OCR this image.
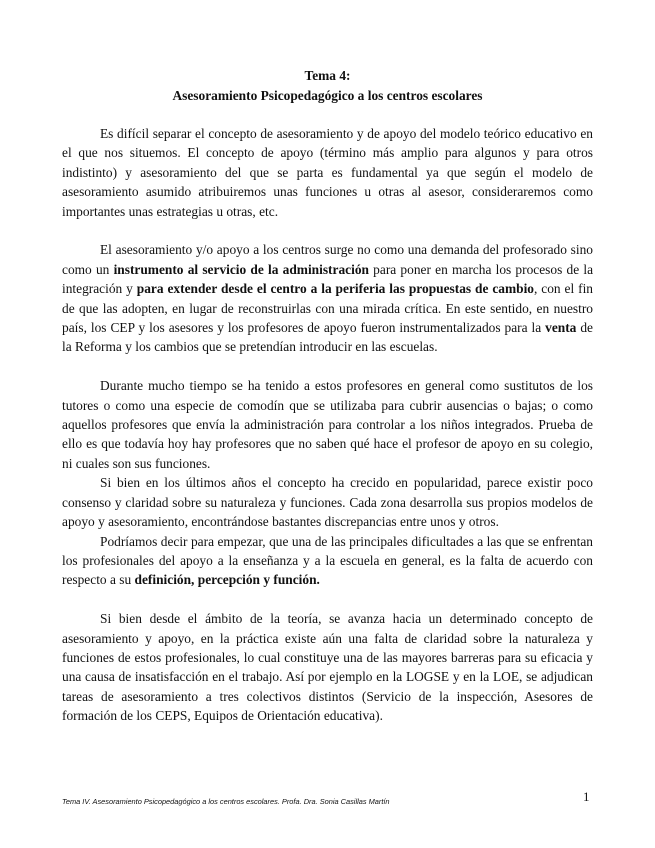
Tema 4:
Asesoramiento Psicopedagógico a los centros escolares

Es difícil separar el concepto de asesoramiento y de apoyo del modelo teórico educativo en el que nos situemos. El concepto de apoyo (término más amplio para algunos y para otros indistinto) y asesoramiento del que se parta es fundamental ya que según el modelo de asesoramiento asumido atribuiremos unas funciones u otras al asesor, consideraremos como importantes unas estrategias u otras, etc.

El asesoramiento y/o apoyo a los centros surge no como una demanda del profesorado sino como un instrumento al servicio de la administración para poner en marcha los procesos de la integración y para extender desde el centro a la periferia las propuestas de cambio, con el fin de que las adopten, en lugar de reconstruirlas con una mirada crítica. En este sentido, en nuestro país, los CEP y los asesores y los profesores de apoyo fueron instrumentalizados para la venta de la Reforma y los cambios que se pretendían introducir en las escuelas.

Durante mucho tiempo se ha tenido a estos profesores en general como sustitutos de los tutores o como una especie de comodín que se utilizaba para cubrir ausencias o bajas; o como aquellos profesores que envía la administración para controlar a los niños integrados. Prueba de ello es que todavía hoy hay profesores que no saben qué hace el profesor de apoyo en su colegio, ni cuales son sus funciones.

Si bien en los últimos años el concepto ha crecido en popularidad, parece existir poco consenso y claridad sobre su naturaleza y funciones. Cada zona desarrolla sus propios modelos de apoyo y asesoramiento, encontrándose bastantes discrepancias entre unos y otros.

Podríamos decir para empezar, que una de las principales dificultades a las que se enfrentan los profesionales del apoyo a la enseñanza y a la escuela en general, es la falta de acuerdo con respecto a su definición, percepción y función.

Si bien desde el ámbito de la teoría, se avanza hacia un determinado concepto de asesoramiento y apoyo, en la práctica existe aún una falta de claridad sobre la naturaleza y funciones de estos profesionales, lo cual constituye una de las mayores barreras para su eficacia y una causa de insatisfacción en el trabajo. Así por ejemplo en la LOGSE y en la LOE, se adjudican tareas de asesoramiento a tres colectivos distintos (Servicio de la inspección, Asesores de formación de los CEPS, Equipos de Orientación educativa).

Tema IV. Asesoramiento Psicopedagógico a los centros escolares. Profa. Dra. Sonia Casillas Martín	1
